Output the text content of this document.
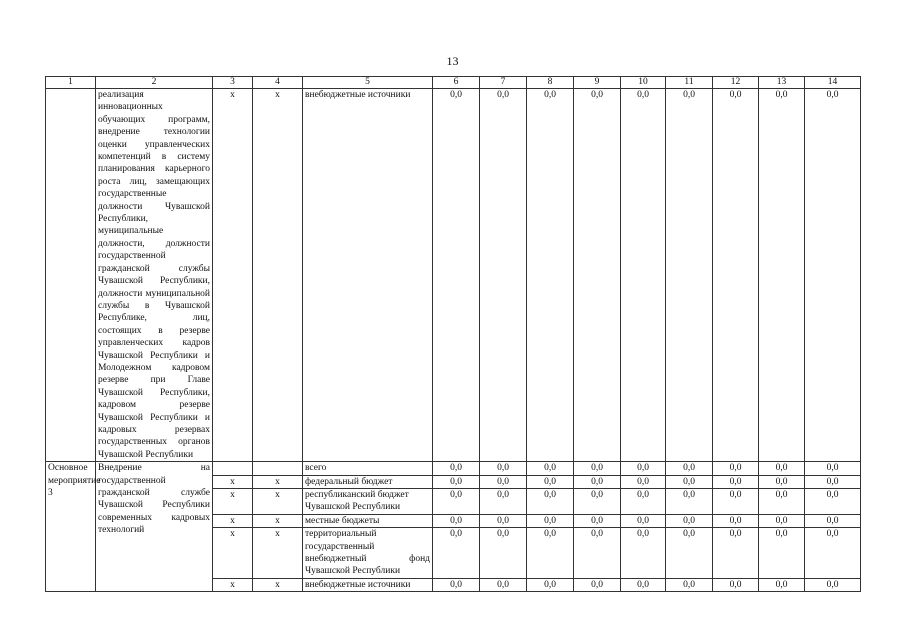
13
1	2	3	4	5	6	7	8	9	10	11	12	13	14
	реализация инновационных обучающих программ, внедрение технологии оценки управленческих компетенций в систему планирования карьерного роста лиц, замещающих государственные должности Чувашской Республики, муниципальные должности, должности государственной гражданской службы Чувашской Республики, должности муниципальной службы в Чувашской Республике, лиц, состоящих в резерве управленческих кадров Чувашской Республики и Молодежном кадровом резерве при Главе Чувашской Республики, кадровом резерве Чувашской Республики и кадровых резервах государственных органов Чувашской Республики	х	х	внебюджетные источники	0,0	0,0	0,0	0,0	0,0	0,0	0,0	0,0	0,0
Основное мероприятие 3	Внедрение на государственной гражданской службе Чувашской Республики современных кадровых технологий			всего	0,0	0,0	0,0	0,0	0,0	0,0	0,0	0,0	0,0
		х	х	федеральный бюджет	0,0	0,0	0,0	0,0	0,0	0,0	0,0	0,0	0,0
		х	х	республиканский бюджет Чувашской Республики	0,0	0,0	0,0	0,0	0,0	0,0	0,0	0,0	0,0
		х	х	местные бюджеты	0,0	0,0	0,0	0,0	0,0	0,0	0,0	0,0	0,0
		х	х	территориальный государственный внебюджетный фонд Чувашской Республики	0,0	0,0	0,0	0,0	0,0	0,0	0,0	0,0	0,0
		х	х	внебюджетные источники	0,0	0,0	0,0	0,0	0,0	0,0	0,0	0,0	0,0
